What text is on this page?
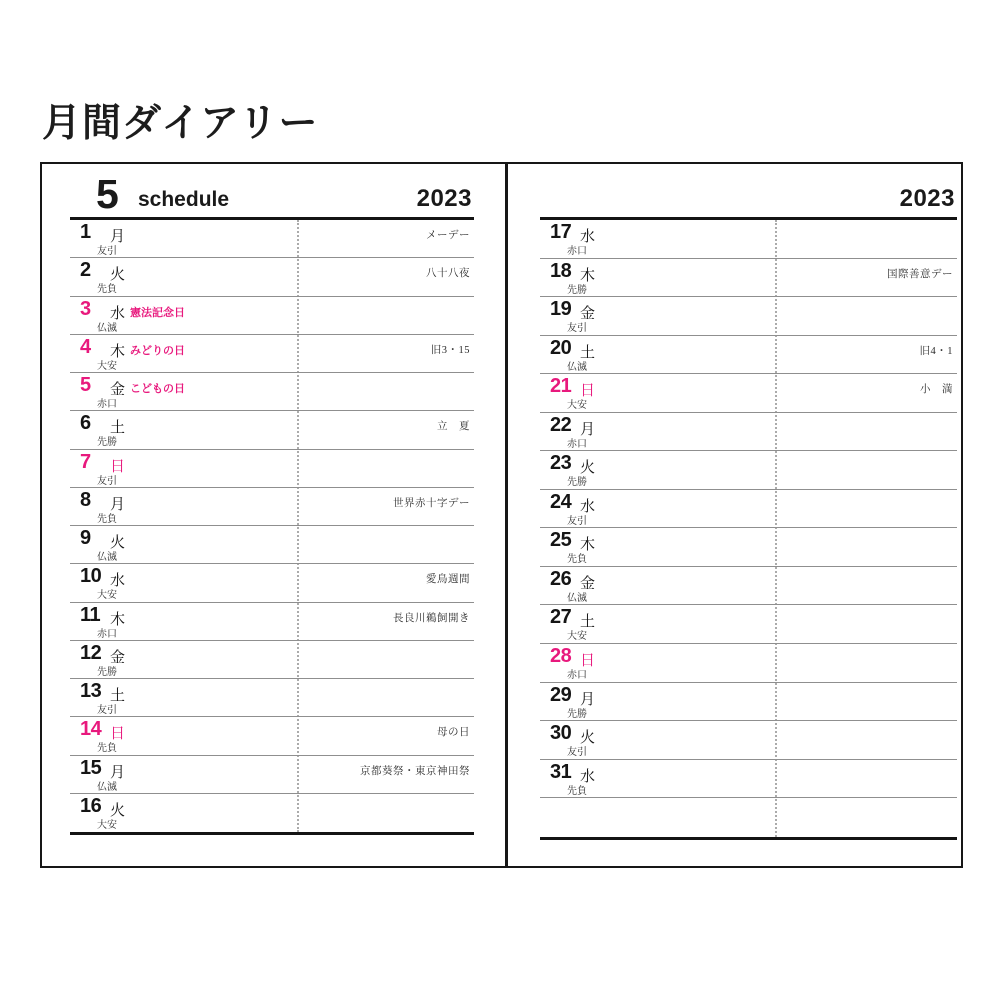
月間ダイアリー
5 schedule	2023
1 月
友引
メーデー
2 火
先負
八十八夜
3 水
仏滅
憲法記念日
4 木
大安
みどりの日	旧3・15
5 金
赤口
こどもの日
6 土
先勝
立　夏
7 日
友引
8 月
先負
世界赤十字デー
9 火
仏滅
10 水
大安
愛鳥週間
11 木
赤口
長良川鵜飼開き
12 金
先勝
13 土
友引
14 日
先負
母の日
15 月
仏滅
京都葵祭・東京神田祭
16 火
大安
2023
17 水
赤口
18 木
先勝
国際善意デー
19 金
友引
20 土
仏滅
旧4・1
21 日
大安
小　満
22 月
赤口
23 火
先勝
24 水
友引
25 木
先負
26 金
仏滅
27 土
大安
28 日
赤口
29 月
先勝
30 火
友引
31 水
先負
